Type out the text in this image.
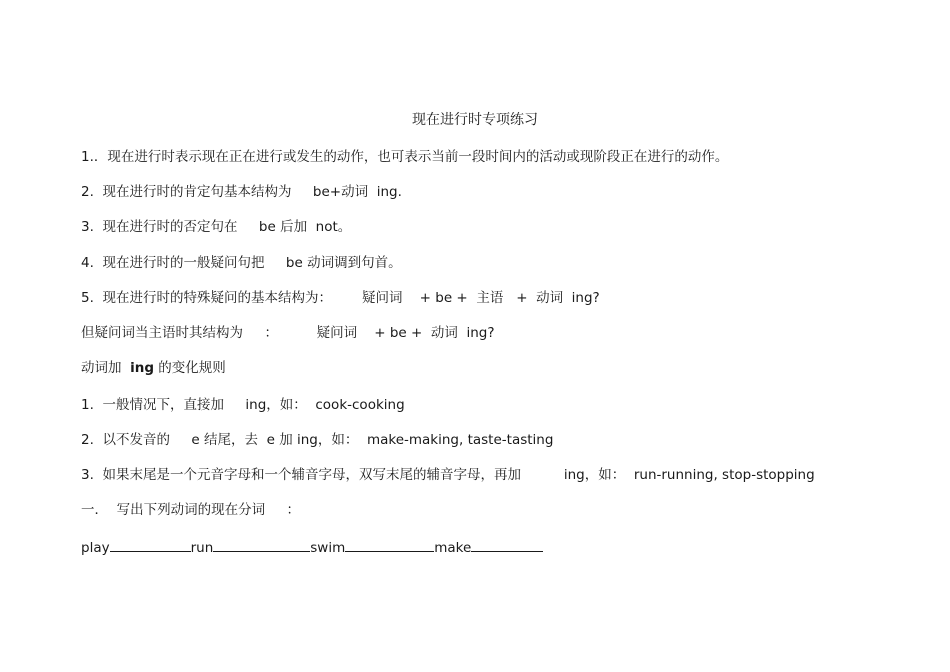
现在进行时专项练习
1.．现在进行时表示现在正在进行或发生的动作，也可表示当前一段时间内的活动或现阶段正在进行的动作。
2.  现在进行时的肯定句基本结构为     be+动词  ing.
3.  现在进行时的否定句在     be 后加  not。
4.  现在进行时的一般疑问句把     be 动词调到句首。
5.  现在进行时的特殊疑问的基本结构为：       疑问词    + be +  主语   +  动词  ing?
但疑问词当主语时其结构为     ：         疑问词    + be +  动词  ing?
动词加  ing 的变化规则
1.  一般情况下，直接加     ing，如：  cook-cooking
2.  以不发音的     e 结尾，去  e 加 ing，如：  make-making, taste-tasting
3.  如果末尾是一个元音字母和一个辅音字母，双写末尾的辅音字母，再加          ing，如：  run-running, stop-stopping
一．  写出下列动词的现在分词     ：
play	run	swim	make
